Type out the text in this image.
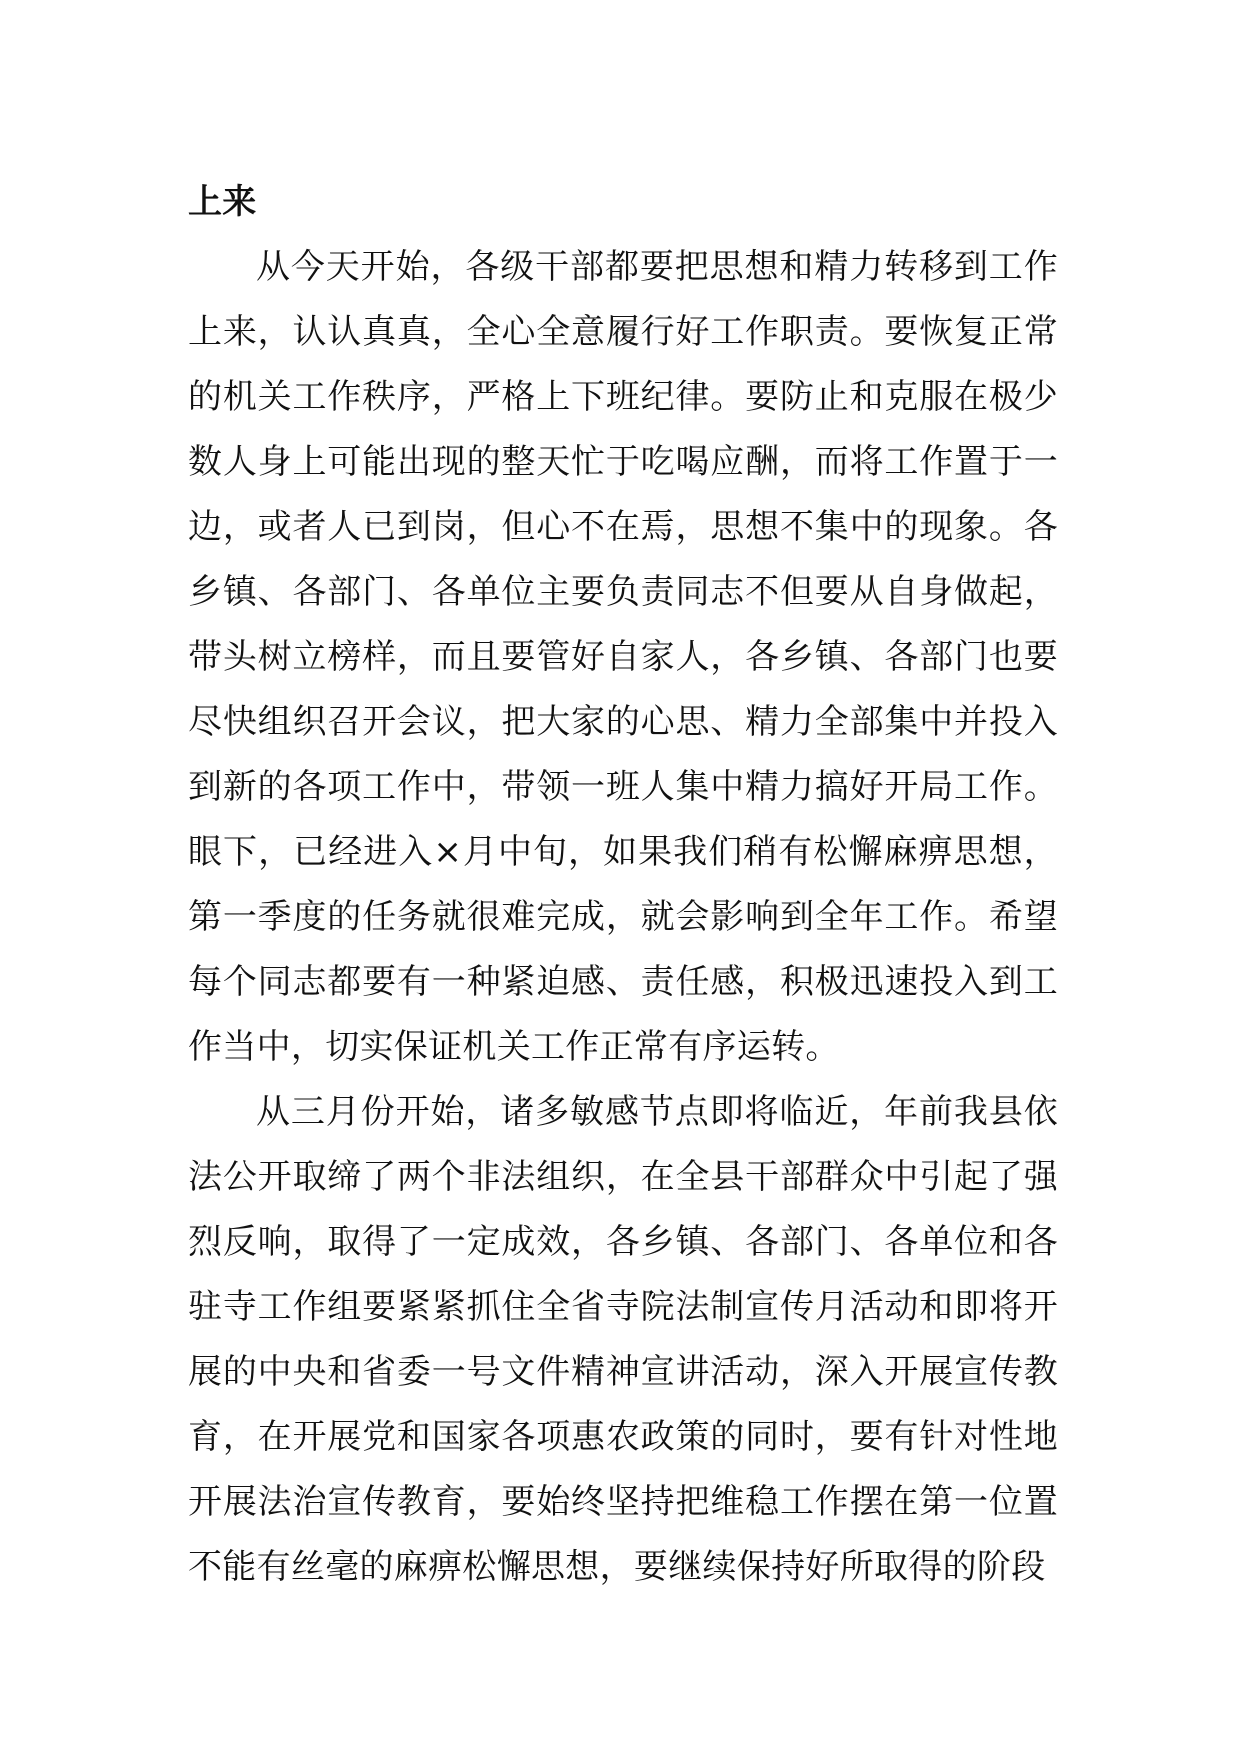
上来

从今天开始，各级干部都要把思想和精力转移到工作上来，认认真真，全心全意履行好工作职责。要恢复正常的机关工作秩序，严格上下班纪律。要防止和克服在极少数人身上可能出现的整天忙于吃喝应酬，而将工作置于一边，或者人已到岗，但心不在焉，思想不集中的现象。各乡镇、各部门、各单位主要负责同志不但要从自身做起，带头树立榜样，而且要管好自家人，各乡镇、各部门也要尽快组织召开会议，把大家的心思、精力全部集中并投入到新的各项工作中，带领一班人集中精力搞好开局工作。眼下，已经进入×月中旬，如果我们稍有松懈麻痹思想，第一季度的任务就很难完成，就会影响到全年工作。希望每个同志都要有一种紧迫感、责任感，积极迅速投入到工作当中，切实保证机关工作正常有序运转。

从三月份开始，诸多敏感节点即将临近，年前我县依法公开取缔了两个非法组织，在全县干部群众中引起了强烈反响，取得了一定成效，各乡镇、各部门、各单位和各驻寺工作组要紧紧抓住全省寺院法制宣传月活动和即将开展的中央和省委一号文件精神宣讲活动，深入开展宣传教育，在开展党和国家各项惠农政策的同时，要有针对性地开展法治宣传教育，要始终坚持把维稳工作摆在第一位置不能有丝毫的麻痹松懈思想，要继续保持好所取得的阶段
